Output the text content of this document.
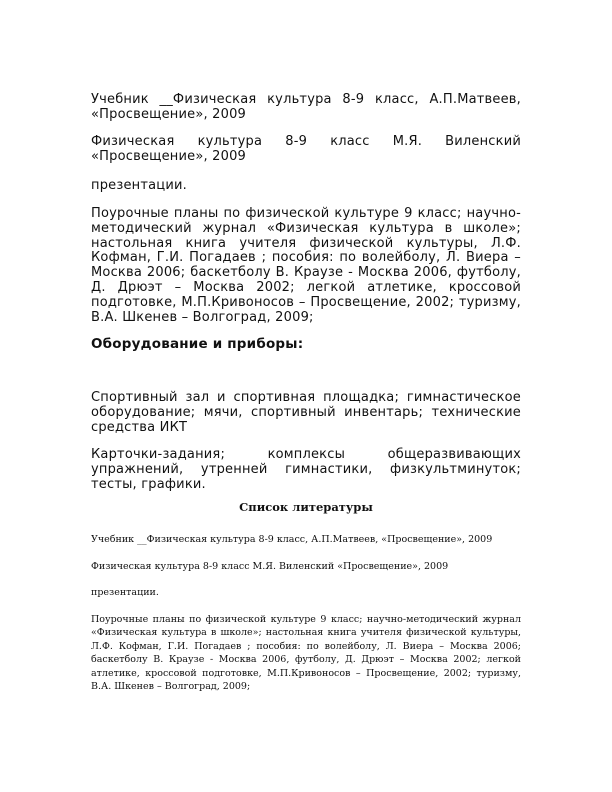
Учебник __Физическая культура 8-9 класс, А.П.Матвеев, «Просвещение», 2009

Физическая культура 8-9 класс М.Я. Виленский «Просвещение», 2009

презентации.

Поурочные планы по физической культуре 9 класс; научно-методический журнал «Физическая культура в школе»; настольная книга учителя физической культуры, Л.Ф. Кофман, Г.И. Погадаев ; пособия: по волейболу, Л. Виера – Москва 2006; баскетболу В. Краузе - Москва 2006, футболу, Д. Дрюэт – Москва 2002; легкой атлетике, кроссовой подготовке, М.П.Кривоносов – Просвещение, 2002; туризму, В.А. Шкенев – Волгоград, 2009;

Оборудование и приборы:

Спортивный зал и спортивная площадка; гимнастическое оборудование; мячи, спортивный инвентарь; технические средства ИКТ

Карточки-задания; комплексы общеразвивающих упражнений, утренней гимнастики, физкультминуток; тесты, графики.

Список литературы

Учебник __Физическая культура 8-9 класс, А.П.Матвеев, «Просвещение», 2009

Физическая культура 8-9 класс М.Я. Виленский «Просвещение», 2009

презентации.

Поурочные планы по физической культуре 9 класс; научно-методический журнал «Физическая культура в школе»; настольная книга учителя физической культуры, Л.Ф. Кофман, Г.И. Погадаев ; пособия: по волейболу, Л. Виера – Москва 2006; баскетболу В. Краузе - Москва 2006, футболу, Д. Дрюэт – Москва 2002; легкой атлетике, кроссовой подготовке, М.П.Кривоносов – Просвещение, 2002; туризму, В.А. Шкенев – Волгоград, 2009;
